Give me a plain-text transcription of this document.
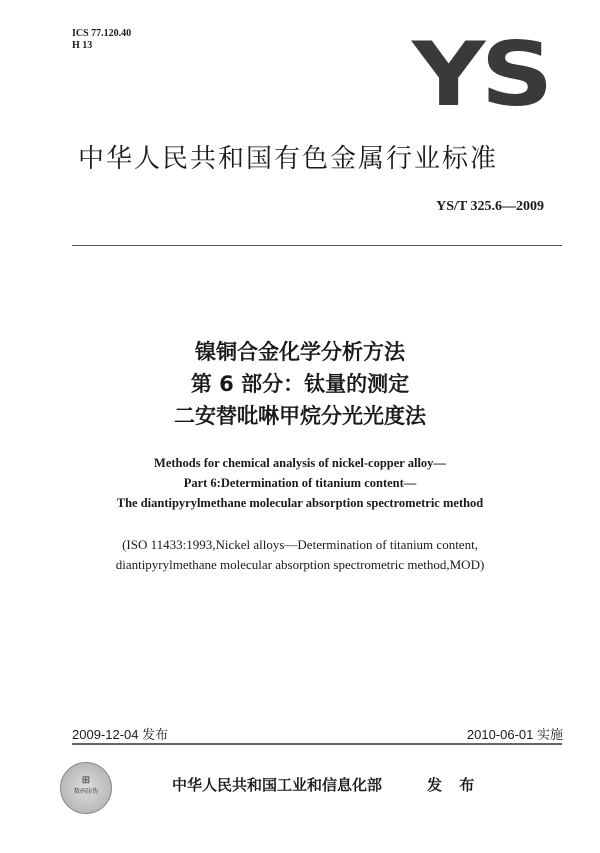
ICS 77.120.40
H 13	YS
中华人民共和国有色金属行业标准
YS/T 325.6—2009
镍铜合金化学分析方法
第 6 部分：钛量的测定
二安替吡啉甲烷分光光度法
Methods for chemical analysis of nickel-copper alloy—
Part 6:Determination of titanium content—
The diantipyrylmethane molecular absorption spectrometric method
(ISO 11433:1993,Nickel alloys—Determination of titanium content,
diantipyrylmethane molecular absorption spectrometric method,MOD)
2009-12-04 发布	2010-06-01 实施
⊞
数码防伪	中华人民共和国工业和信息化部	发 布
